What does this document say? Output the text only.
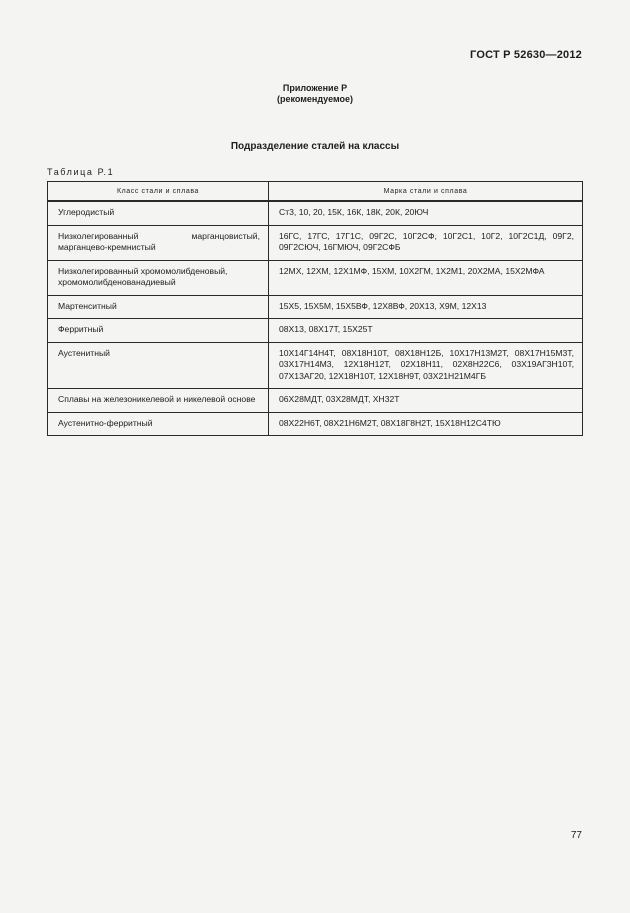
ГОСТ Р 52630—2012
Приложение Р
(рекомендуемое)
Подразделение сталей на классы
Таблица Р.1
Класс стали и сплава	Марка стали и сплава
Углеродистый	Ст3, 10, 20, 15К, 16К, 18К, 20К, 20ЮЧ
Низколегированный марганцовистый, марганцево-кремнистый	16ГС, 17ГС, 17Г1С, 09Г2С, 10Г2СФ, 10Г2С1, 10Г2, 10Г2С1Д, 09Г2, 09Г2СЮЧ, 16ГМЮЧ, 09Г2СФБ
Низколегированный хромомолибденовый, хромомолибденованадиевый	12МХ, 12ХМ, 12Х1МФ, 15ХМ, 10Х2ГМ, 1Х2М1, 20Х2МА, 15Х2МФА
Мартенситный	15Х5, 15Х5М, 15Х5ВФ, 12Х8ВФ, 20Х13, Х9М, 12Х13
Ферритный	08Х13, 08Х17Т, 15Х25Т
Аустенитный	10Х14Г14Н4Т, 08Х18Н10Т, 08Х18Н12Б, 10Х17Н13М2Т, 08Х17Н15М3Т, 03Х17Н14М3, 12Х18Н12Т, 02Х18Н11, 02Х8Н22С6, 03Х19АГ3Н10Т, 07Х13АГ20, 12Х18Н10Т, 12Х18Н9Т, 03Х21Н21М4ГБ
Сплавы на железоникелевой и никелевой основе	06Х28МДТ, 03Х28МДТ, ХН32Т
Аустенитно-ферритный	08Х22Н6Т, 08Х21Н6М2Т, 08Х18Г8Н2Т, 15Х18Н12С4ТЮ
77
